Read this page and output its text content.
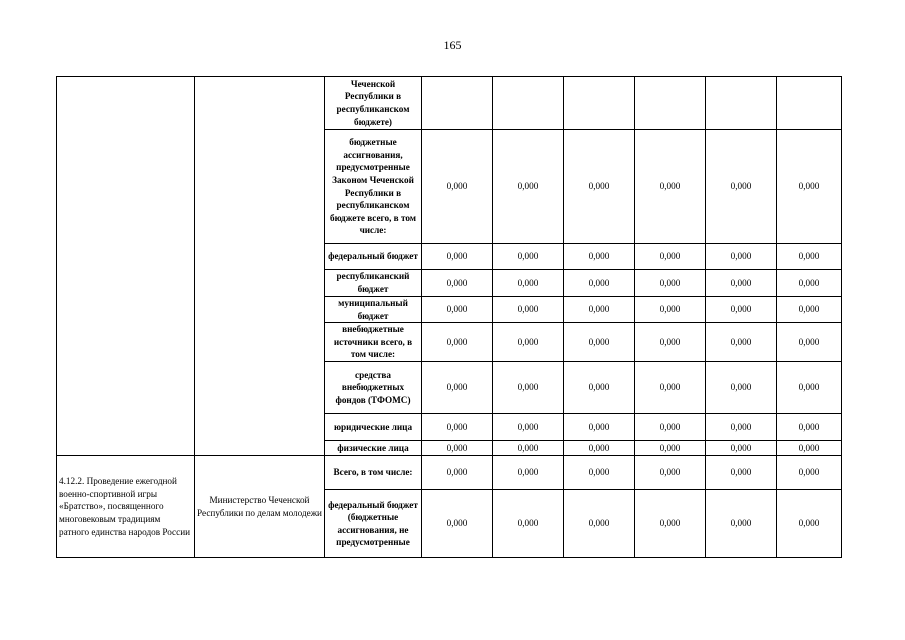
165
		Чеченской Республики в республиканском бюджете)						
		бюджетные ассигнования, предусмотренные Законом Чеченской Республики в республиканском бюджете всего, в том числе:	0,000	0,000	0,000	0,000	0,000	0,000
		федеральный бюджет	0,000	0,000	0,000	0,000	0,000	0,000
		республиканский бюджет	0,000	0,000	0,000	0,000	0,000	0,000
		муниципальный бюджет	0,000	0,000	0,000	0,000	0,000	0,000
		внебюджетные источники всего, в том числе:	0,000	0,000	0,000	0,000	0,000	0,000
		средства внебюджетных фондов (ТФОМС)	0,000	0,000	0,000	0,000	0,000	0,000
		юридические лица	0,000	0,000	0,000	0,000	0,000	0,000
		физические лица	0,000	0,000	0,000	0,000	0,000	0,000
4.12.2. Проведение ежегодной военно-спортивной игры «Братство», посвященного многовековым традициям ратного единства народов России	Министерство Чеченской Республики по делам молодежи	Всего, в том числе:	0,000	0,000	0,000	0,000	0,000	0,000
		федеральный бюджет (бюджетные ассигнования, не предусмотренные	0,000	0,000	0,000	0,000	0,000	0,000
